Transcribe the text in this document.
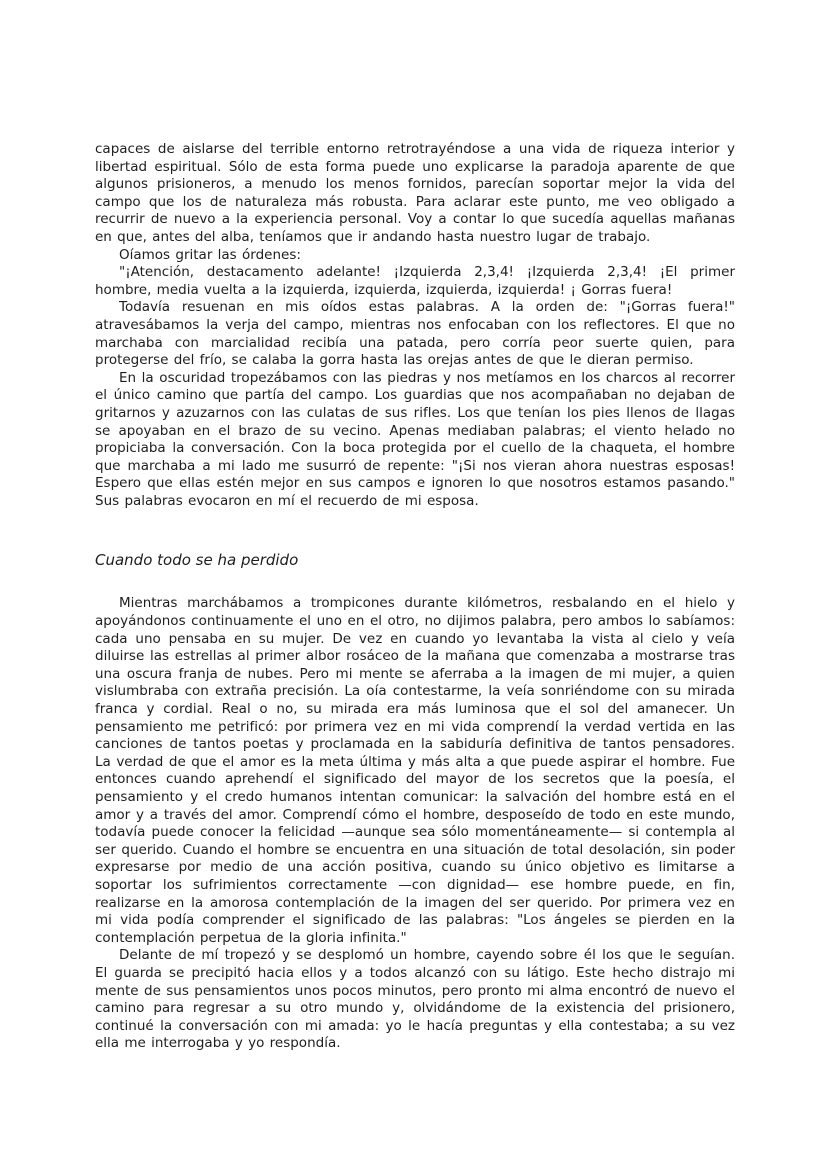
capaces de aislarse del terrible entorno retrotrayéndose a una vida de riqueza interior y libertad espiritual. Sólo de esta forma puede uno explicarse la paradoja aparente de que algunos prisioneros, a menudo los menos fornidos, parecían soportar mejor la vida del campo que los de naturaleza más robusta. Para aclarar este punto, me veo obligado a recurrir de nuevo a la experiencia personal. Voy a contar lo que sucedía aquellas mañanas en que, antes del alba, teníamos que ir andando hasta nuestro lugar de trabajo.

Oíamos gritar las órdenes:

"¡Atención, destacamento adelante! ¡Izquierda 2,3,4! ¡Izquierda 2,3,4! ¡El primer hombre, media vuelta a la izquierda, izquierda, izquierda, izquierda! ¡ Gorras fuera!

Todavía resuenan en mis oídos estas palabras. A la orden de: "¡Gorras fuera!" atravesábamos la verja del campo, mientras nos enfocaban con los reflectores. El que no marchaba con marcialidad recibía una patada, pero corría peor suerte quien, para protegerse del frío, se calaba la gorra hasta las orejas antes de que le dieran permiso.

En la oscuridad tropezábamos con las piedras y nos metíamos en los charcos al recorrer el único camino que partía del campo. Los guardias que nos acompañaban no dejaban de gritarnos y azuzarnos con las culatas de sus rifles. Los que tenían los pies llenos de llagas se apoyaban en el brazo de su vecino. Apenas mediaban palabras; el viento helado no propiciaba la conversación. Con la boca protegida por el cuello de la chaqueta, el hombre que marchaba a mi lado me susurró de repente: "¡Si nos vieran ahora nuestras esposas! Espero que ellas estén mejor en sus campos e ignoren lo que nosotros estamos pasando." Sus palabras evocaron en mí el recuerdo de mi esposa.

Cuando todo se ha perdido

Mientras marchábamos a trompicones durante kilómetros, resbalando en el hielo y apoyándonos continuamente el uno en el otro, no dijimos palabra, pero ambos lo sabíamos: cada uno pensaba en su mujer. De vez en cuando yo levantaba la vista al cielo y veía diluirse las estrellas al primer albor rosáceo de la mañana que comenzaba a mostrarse tras una oscura franja de nubes. Pero mi mente se aferraba a la imagen de mi mujer, a quien vislumbraba con extraña precisión. La oía contestarme, la veía sonriéndome con su mirada franca y cordial. Real o no, su mirada era más luminosa que el sol del amanecer. Un pensamiento me petrificó: por primera vez en mi vida comprendí la verdad vertida en las canciones de tantos poetas y proclamada en la sabiduría definitiva de tantos pensadores. La verdad de que el amor es la meta última y más alta a que puede aspirar el hombre. Fue entonces cuando aprehendí el significado del mayor de los secretos que la poesía, el pensamiento y el credo humanos intentan comunicar: la salvación del hombre está en el amor y a través del amor. Comprendí cómo el hombre, desposeído de todo en este mundo, todavía puede conocer la felicidad —aunque sea sólo momentáneamente— si contempla al ser querido. Cuando el hombre se encuentra en una situación de total desolación, sin poder expresarse por medio de una acción positiva, cuando su único objetivo es limitarse a soportar los sufrimientos correctamente —con dignidad— ese hombre puede, en fin, realizarse en la amorosa contemplación de la imagen del ser querido. Por primera vez en mi vida podía comprender el significado de las palabras: "Los ángeles se pierden en la contemplación perpetua de la gloria infinita."

Delante de mí tropezó y se desplomó un hombre, cayendo sobre él los que le seguían. El guarda se precipitó hacia ellos y a todos alcanzó con su látigo. Este hecho distrajo mi mente de sus pensamientos unos pocos minutos, pero pronto mi alma encontró de nuevo el camino para regresar a su otro mundo y, olvidándome de la existencia del prisionero, continué la conversación con mi amada: yo le hacía preguntas y ella contestaba; a su vez ella me interrogaba y yo respondía.
